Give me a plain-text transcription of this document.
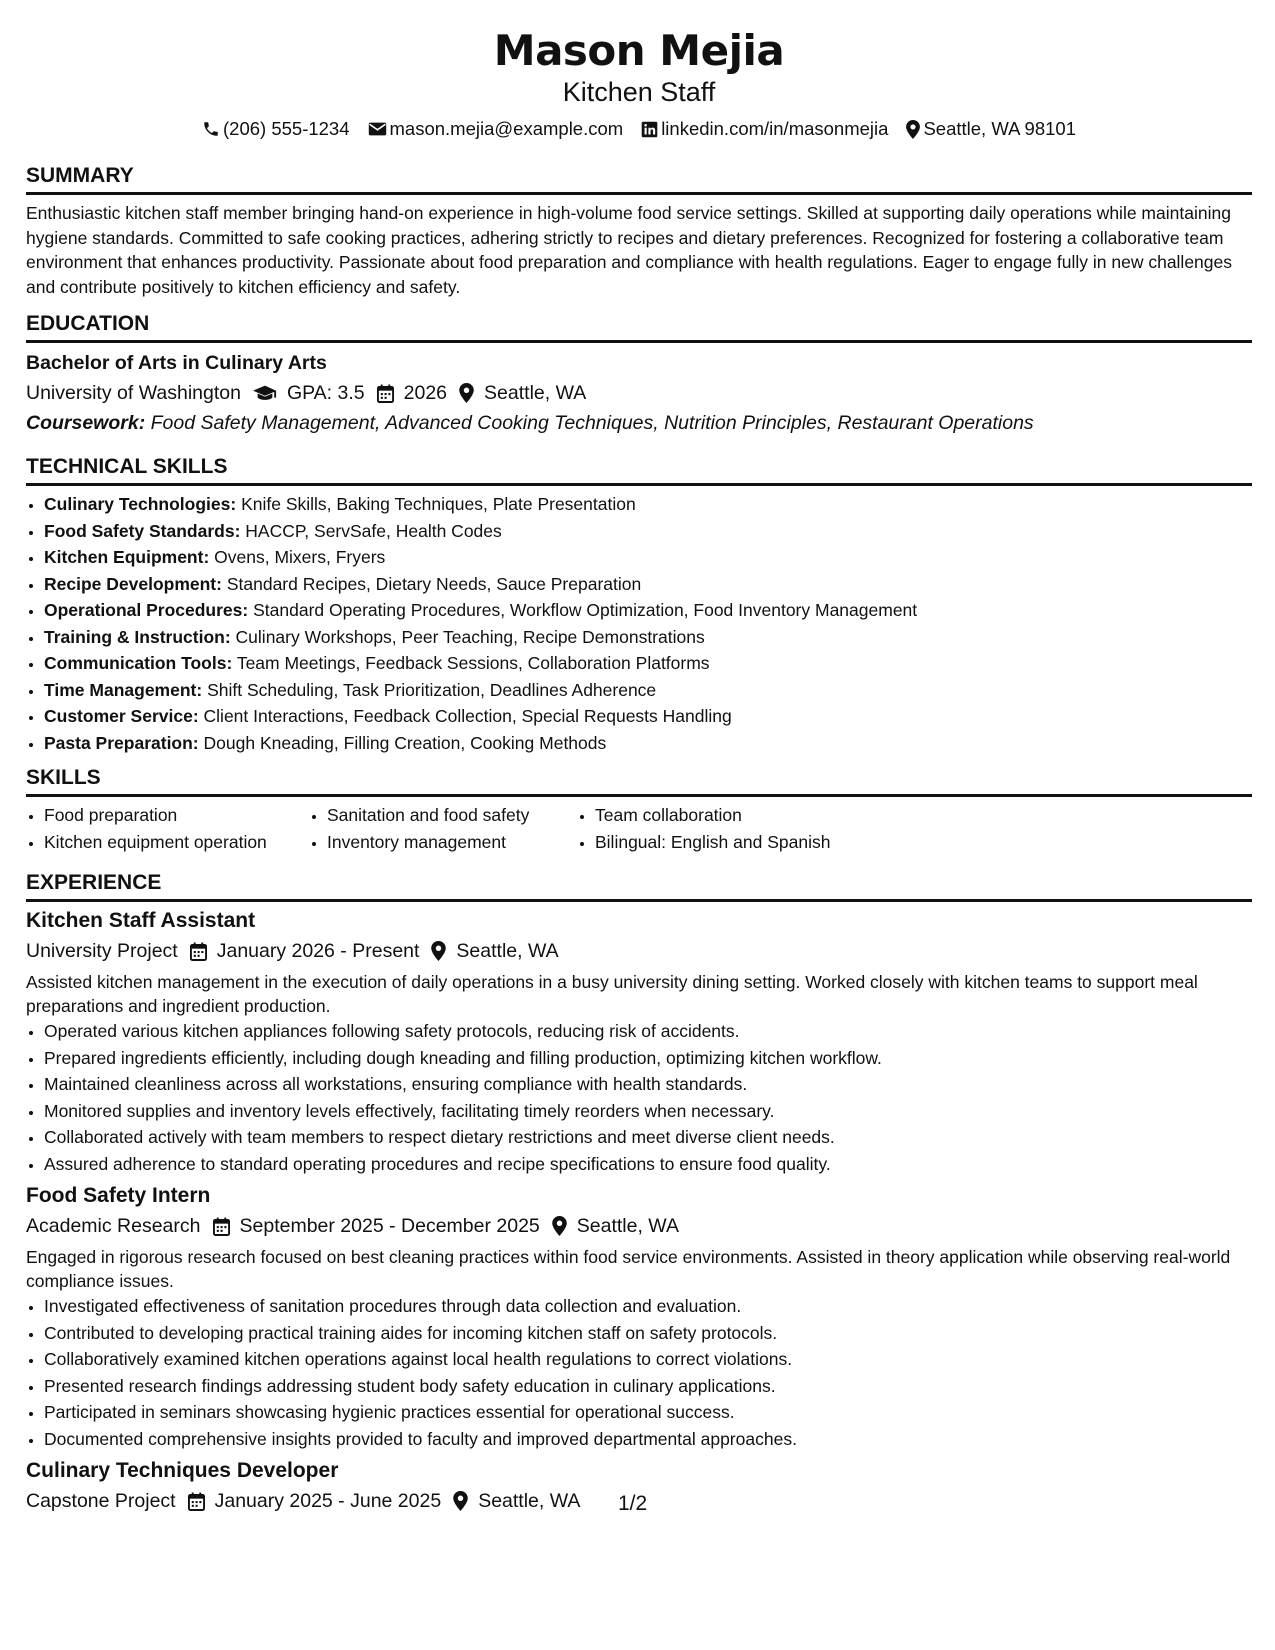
Mason Mejia
Kitchen Staff
(206) 555-1234 mason.mejia@example.com linkedin.com/in/masonmejia Seattle, WA 98101
SUMMARY
Enthusiastic kitchen staff member bringing hand-on experience in high-volume food service settings. Skilled at supporting daily operations while maintaining hygiene standards. Committed to safe cooking practices, adhering strictly to recipes and dietary preferences. Recognized for fostering a collaborative team environment that enhances productivity. Passionate about food preparation and compliance with health regulations. Eager to engage fully in new challenges and contribute positively to kitchen efficiency and safety.
EDUCATION
Bachelor of Arts in Culinary Arts
University of Washington GPA: 3.5 2026 Seattle, WA
Coursework: Food Safety Management, Advanced Cooking Techniques, Nutrition Principles, Restaurant Operations
TECHNICAL SKILLS
• Culinary Technologies: Knife Skills, Baking Techniques, Plate Presentation
• Food Safety Standards: HACCP, ServSafe, Health Codes
• Kitchen Equipment: Ovens, Mixers, Fryers
• Recipe Development: Standard Recipes, Dietary Needs, Sauce Preparation
• Operational Procedures: Standard Operating Procedures, Workflow Optimization, Food Inventory Management
• Training & Instruction: Culinary Workshops, Peer Teaching, Recipe Demonstrations
• Communication Tools: Team Meetings, Feedback Sessions, Collaboration Platforms
• Time Management: Shift Scheduling, Task Prioritization, Deadlines Adherence
• Customer Service: Client Interactions, Feedback Collection, Special Requests Handling
• Pasta Preparation: Dough Kneading, Filling Creation, Cooking Methods
SKILLS
• Food preparation
• Kitchen equipment operation
• Sanitation and food safety
• Inventory management
• Team collaboration
• Bilingual: English and Spanish
EXPERIENCE
Kitchen Staff Assistant
University Project January 2026 - Present Seattle, WA
Assisted kitchen management in the execution of daily operations in a busy university dining setting. Worked closely with kitchen teams to support meal preparations and ingredient production.
• Operated various kitchen appliances following safety protocols, reducing risk of accidents.
• Prepared ingredients efficiently, including dough kneading and filling production, optimizing kitchen workflow.
• Maintained cleanliness across all workstations, ensuring compliance with health standards.
• Monitored supplies and inventory levels effectively, facilitating timely reorders when necessary.
• Collaborated actively with team members to respect dietary restrictions and meet diverse client needs.
• Assured adherence to standard operating procedures and recipe specifications to ensure food quality.
Food Safety Intern
Academic Research September 2025 - December 2025 Seattle, WA
Engaged in rigorous research focused on best cleaning practices within food service environments. Assisted in theory application while observing real-world compliance issues.
• Investigated effectiveness of sanitation procedures through data collection and evaluation.
• Contributed to developing practical training aides for incoming kitchen staff on safety protocols.
• Collaboratively examined kitchen operations against local health regulations to correct violations.
• Presented research findings addressing student body safety education in culinary applications.
• Participated in seminars showcasing hygienic practices essential for operational success.
• Documented comprehensive insights provided to faculty and improved departmental approaches.
Culinary Techniques Developer
Capstone Project January 2025 - June 2025 Seattle, WA 1/2
